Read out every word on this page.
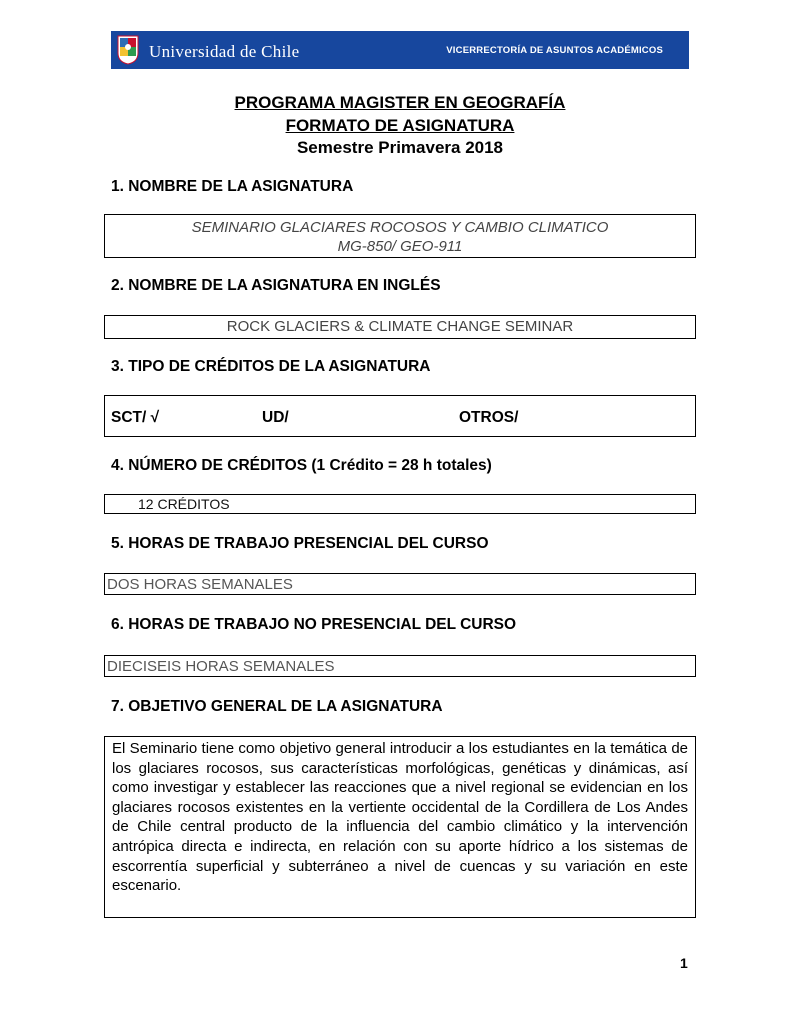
Universidad de Chile	VICERRECTORÍA DE ASUNTOS ACADÉMICOS
PROGRAMA MAGISTER EN GEOGRAFÍA
FORMATO DE ASIGNATURA
Semestre Primavera 2018
1. NOMBRE DE LA ASIGNATURA
SEMINARIO GLACIARES ROCOSOS Y CAMBIO CLIMATICO
MG-850/ GEO-911
2. NOMBRE DE LA ASIGNATURA EN INGLÉS
ROCK GLACIERS & CLIMATE CHANGE SEMINAR
3. TIPO DE CRÉDITOS DE LA ASIGNATURA
SCT/ √	UD/	OTROS/
4. NÚMERO DE CRÉDITOS (1 Crédito = 28 h totales)
12 CRÉDITOS
5. HORAS DE TRABAJO PRESENCIAL DEL CURSO
DOS HORAS SEMANALES
6. HORAS DE TRABAJO NO PRESENCIAL DEL CURSO
DIECISEIS HORAS SEMANALES
7. OBJETIVO GENERAL DE LA ASIGNATURA
El Seminario tiene como objetivo general introducir a los estudiantes en la temática de los glaciares rocosos, sus características morfológicas, genéticas y dinámicas, así como investigar y establecer las reacciones que a nivel regional se evidencian en los glaciares rocosos existentes en la vertiente occidental de la Cordillera de Los Andes de Chile central producto de la influencia del cambio climático y la intervención antrópica directa e indirecta, en relación con su aporte hídrico a los sistemas de escorrentía superficial y subterráneo a nivel de cuencas y su variación en este escenario.
1
